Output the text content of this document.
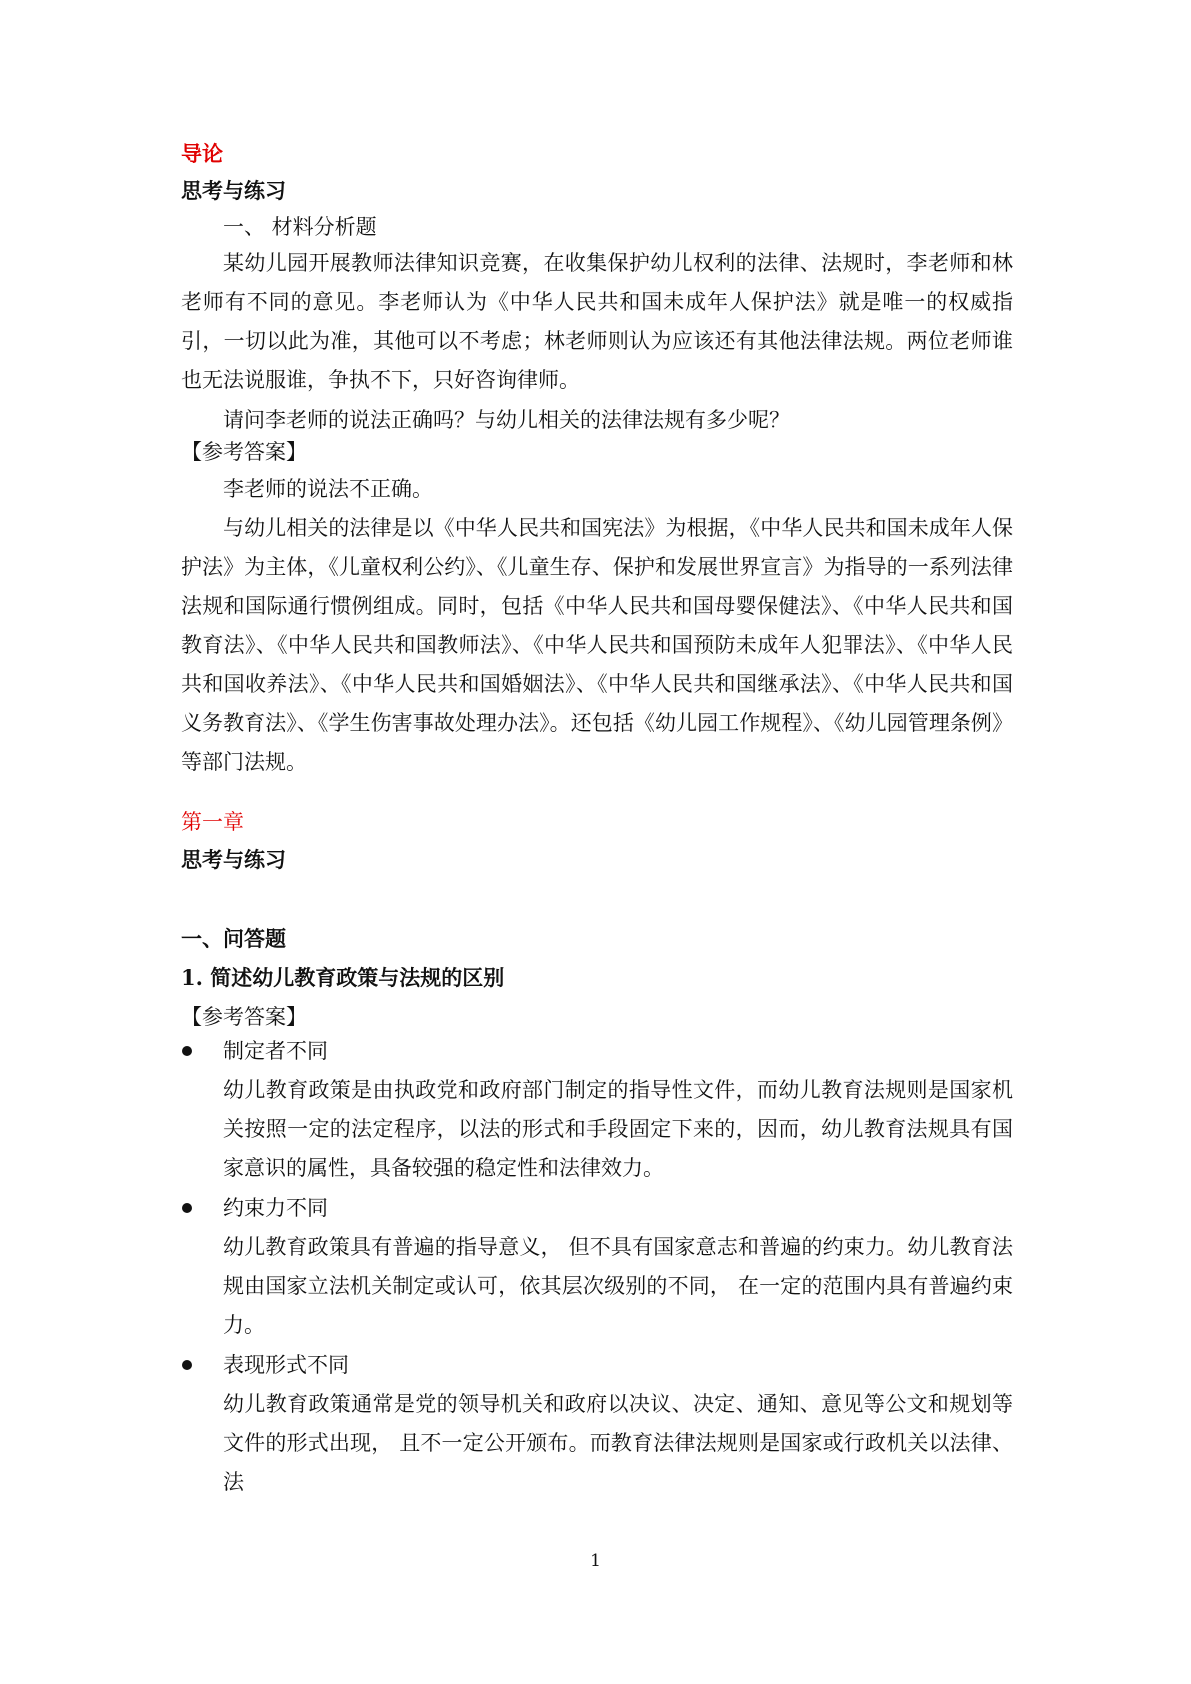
导论
思考与练习
一、 材料分析题
某幼儿园开展教师法律知识竞赛，在收集保护幼儿权利的法律、法规时，李老师和林老师有不同的意见。李老师认为《中华人民共和国未成年人保护法》就是唯一的权威指引，一切以此为准，其他可以不考虑；林老师则认为应该还有其他法律法规。两位老师谁也无法说服谁，争执不下，只好咨询律师。
请问李老师的说法正确吗？与幼儿相关的法律法规有多少呢？
【参考答案】
李老师的说法不正确。
与幼儿相关的法律是以《中华人民共和国宪法》为根据，《中华人民共和国未成年人保护法》为主体，《儿童权利公约》、《儿童生存、保护和发展世界宣言》为指导的一系列法律法规和国际通行惯例组成。同时，包括《中华人民共和国母婴保健法》、《中华人民共和国教育法》、《中华人民共和国教师法》、《中华人民共和国预防未成年人犯罪法》、《中华人民共和国收养法》、《中华人民共和国婚姻法》、《中华人民共和国继承法》、《中华人民共和国义务教育法》、《学生伤害事故处理办法》。还包括《幼儿园工作规程》、《幼儿园管理条例》等部门法规。
第一章
思考与练习
一、问答题
1. 简述幼儿教育政策与法规的区别
【参考答案】
制定者不同
幼儿教育政策是由执政党和政府部门制定的指导性文件，而幼儿教育法规则是国家机关按照一定的法定程序，以法的形式和手段固定下来的，因而，幼儿教育法规具有国家意识的属性，具备较强的稳定性和法律效力。
约束力不同
幼儿教育政策具有普遍的指导意义， 但不具有国家意志和普遍的约束力。幼儿教育法规由国家立法机关制定或认可，依其层次级别的不同， 在一定的范围内具有普遍约束力。
表现形式不同
幼儿教育政策通常是党的领导机关和政府以决议、决定、通知、意见等公文和规划等文件的形式出现， 且不一定公开颁布。而教育法律法规则是国家或行政机关以法律、法
1
